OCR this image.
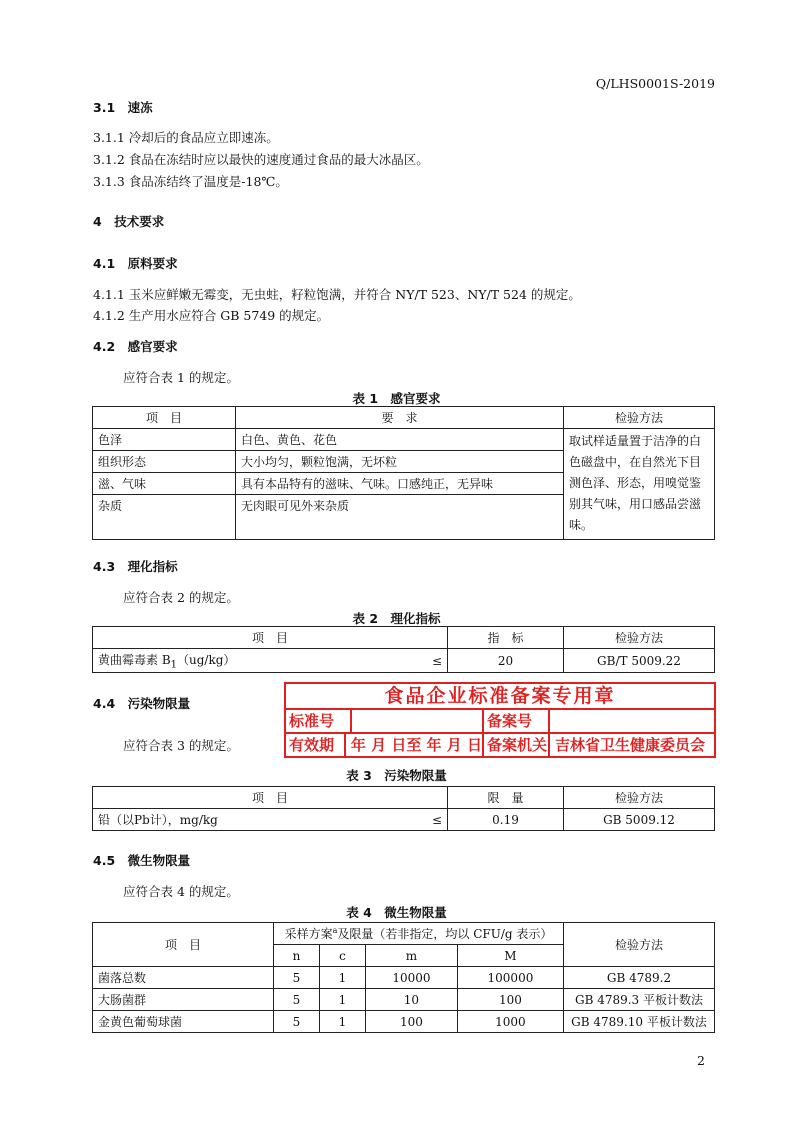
Q/LHS0001S-2019
3.1　速冻
3.1.1 冷却后的食品应立即速冻。
3.1.2 食品在冻结时应以最快的速度通过食品的最大冰晶区。
3.1.3 食品冻结终了温度是-18℃。
4　技术要求
4.1　原料要求
4.1.1 玉米应鲜嫩无霉变，无虫蛀，籽粒饱满，并符合 NY/T 523、NY/T 524 的规定。
4.1.2 生产用水应符合 GB 5749 的规定。
4.2　感官要求
应符合表 1 的规定。
表 1　感官要求
项　目	要　求	检验方法
色泽	白色、黄色、花色	取试样适量置于洁净的白色磁盘中，在自然光下目测色泽、形态，用嗅觉鉴别其气味，用口感品尝滋味。
组织形态	大小均匀，颗粒饱满，无坏粒	
滋、气味	具有本品特有的滋味、气味。口感纯正，无异味	
杂质	无肉眼可见外来杂质	
4.3　理化指标
应符合表 2 的规定。
表 2　理化指标
项　目		指　标	检验方法
黄曲霉毒素 $B_1(ug/kg)$	≤	20	GB/T 5009.22
4.4　污染物限量
应符合表 3 的规定。
食品企业标准备案专用章
标准号	备案号
有效期	年 月 日至 年 月 日 备案机关 吉林省卫生健康委员会
表 3　污染物限量
项　目		限　量	检验方法
铅（以Pb计），mg/kg	≤	0.19	GB 5009.12
4.5　微生物限量
应符合表 4 的规定。
表 4　微生物限量
项　目	采样方案$^a$及限量（若非指定，均以 CFU/g 表示）				检验方法
	n	c	m	M	
菌落总数	5	1	10000	100000	GB 4789.2
大肠菌群	5	1	10	100	GB 4789.3 平板计数法
金黄色葡萄球菌	5	1	100	1000	GB 4789.10 平板计数法
2
